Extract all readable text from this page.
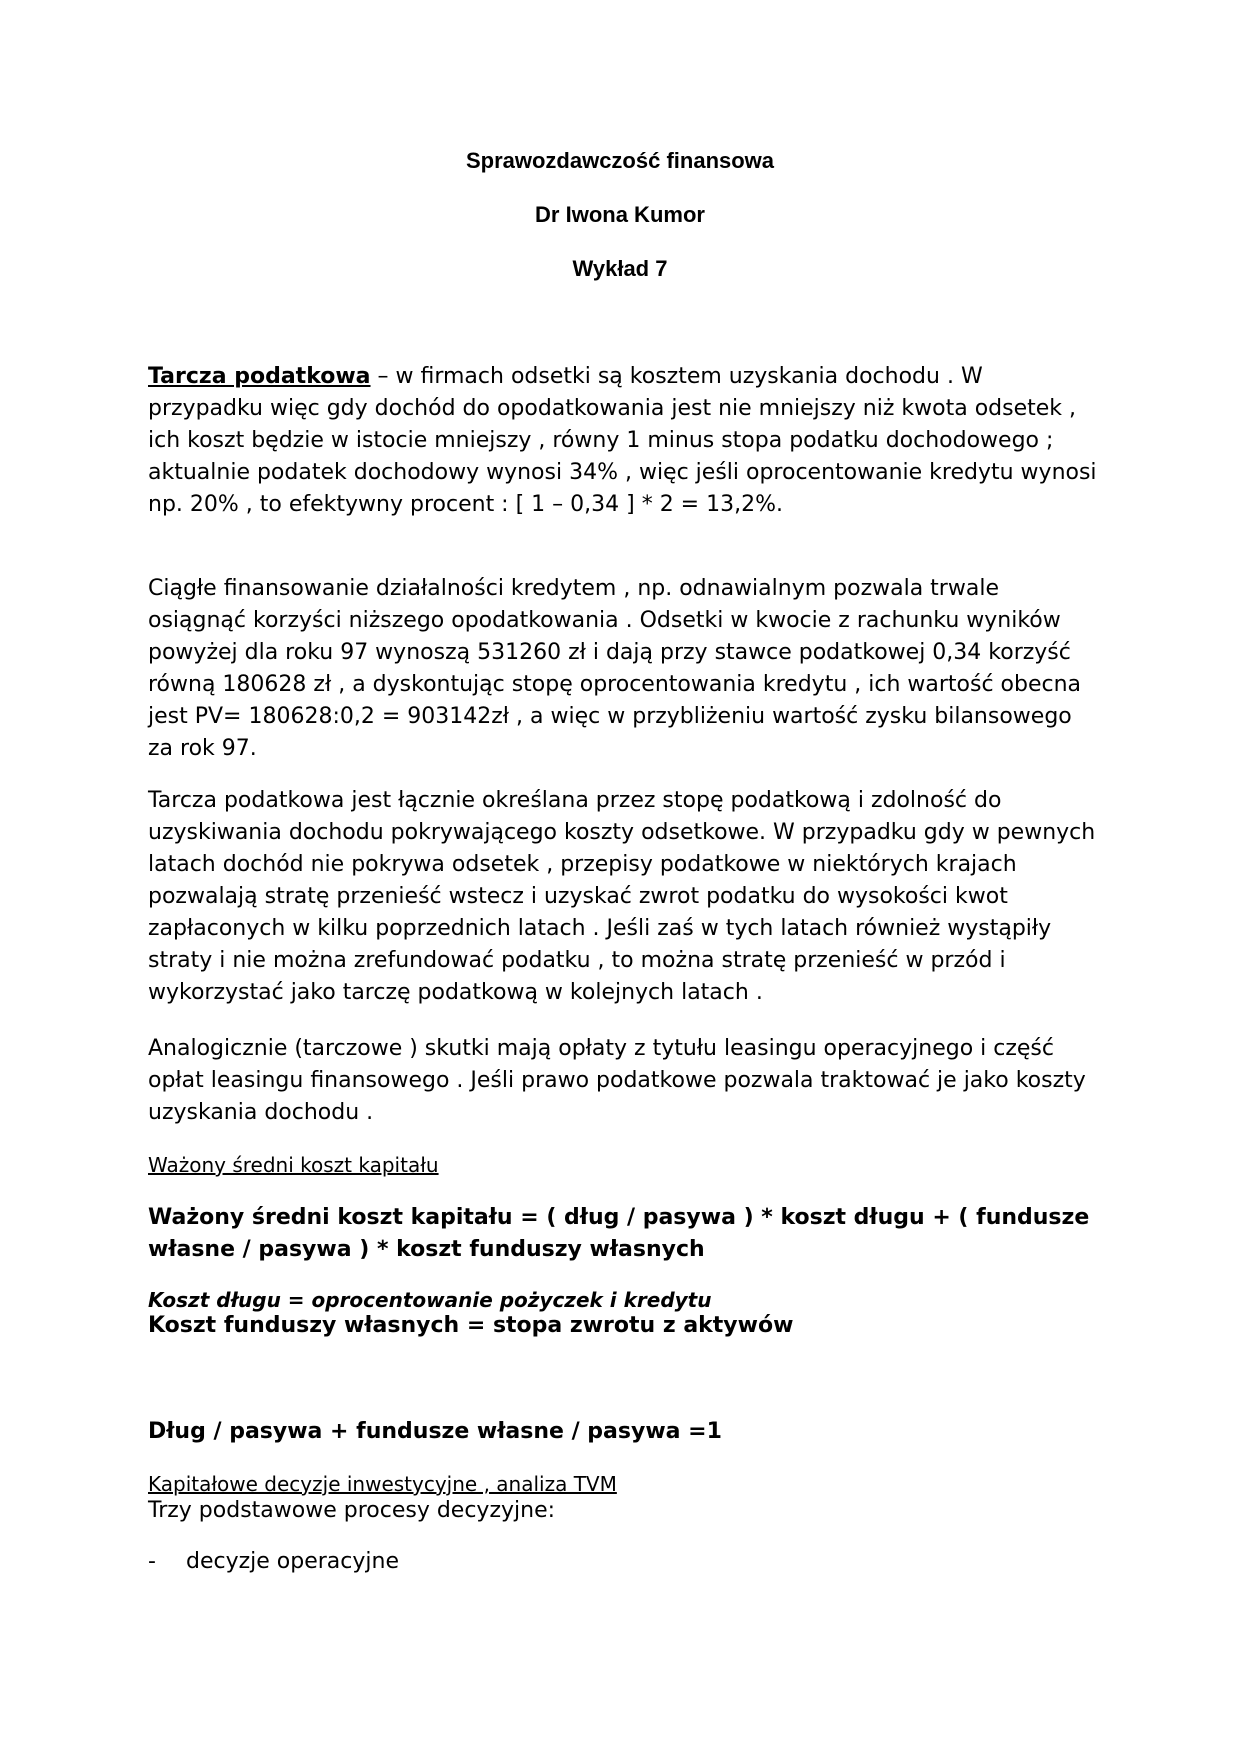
Sprawozdawczość finansowa

Dr Iwona Kumor

Wykład 7

Tarcza podatkowa – w firmach odsetki są kosztem uzyskania dochodu . W przypadku więc gdy dochód do opodatkowania jest nie mniejszy niż kwota odsetek , ich koszt będzie w istocie mniejszy , równy 1 minus stopa podatku dochodowego ; aktualnie podatek dochodowy wynosi 34% , więc jeśli oprocentowanie kredytu wynosi np. 20% , to efektywny procent : [ 1 – 0,34 ] * 2 = 13,2%.

Ciągłe finansowanie działalności kredytem , np. odnawialnym pozwala trwale osiągnąć korzyści niższego opodatkowania . Odsetki w kwocie z rachunku wyników powyżej dla roku 97 wynoszą 531260 zł i dają przy stawce podatkowej 0,34 korzyść równą 180628 zł , a dyskontując stopę oprocentowania kredytu , ich wartość obecna jest PV= 180628:0,2 = 903142zł , a więc w przybliżeniu wartość zysku bilansowego za rok 97.

Tarcza podatkowa jest łącznie określana przez stopę podatkową i zdolność do uzyskiwania dochodu pokrywającego koszty odsetkowe. W przypadku gdy w pewnych latach dochód nie pokrywa odsetek , przepisy podatkowe w niektórych krajach pozwalają stratę przenieść wstecz i uzyskać zwrot podatku do wysokości kwot zapłaconych w kilku poprzednich latach . Jeśli zaś w tych latach również wystąpiły straty i nie można zrefundować podatku , to można stratę przenieść w przód i wykorzystać jako tarczę podatkową w kolejnych latach .

Analogicznie (tarczowe ) skutki mają opłaty z tytułu leasingu operacyjnego i część opłat leasingu finansowego . Jeśli prawo podatkowe pozwala traktować je jako koszty uzyskania dochodu .

Ważony średni koszt kapitału

Ważony średni koszt kapitału = ( dług / pasywa ) * koszt długu + ( fundusze własne / pasywa ) * koszt funduszy własnych

Koszt długu = oprocentowanie pożyczek i kredytu

Koszt funduszy własnych = stopa zwrotu z aktywów

Dług / pasywa + fundusze własne / pasywa =1

Kapitałowe decyzje inwestycyjne , analiza TVM

Trzy podstawowe procesy decyzyjne:

- decyzje operacyjne
